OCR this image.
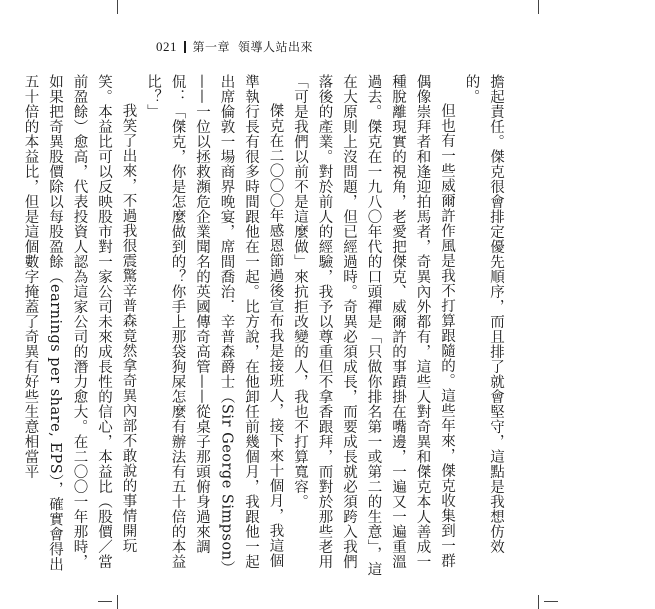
021 第一章 領導人站出來

擔起責任。傑克很會排定優先順序，而且排了就會堅守，這點是我想仿效的。

但也有一些威爾許作風是我不打算跟隨的。這些年來，傑克收集到一群偶像崇拜者和逢迎拍馬者，奇異內外都有，這些人對奇異和傑克本人善成一種脫離現實的視角，老愛把傑克、威爾許的事蹟掛在嘴邊，一遍又一遍重溫過去。傑克在一九八〇年代的口頭禪是「只做你排名第一或第二的生意」，這在大原則上沒問題，但已經過時。奇異必須成長，而要成長就必須跨入我們落後的產業。對於前人的經驗，我予以尊重但不拿香跟拜，而對於那些老用「可是我們以前不是這麼做」來抗拒改變的人，我也不打算寬容。

傑克在二〇〇〇年感恩節過後宣布我是接班人，接下來十個月，我這個準執行長有很多時間跟他在一起。比方說，在他卸任前幾個月，我跟他一起出席倫敦一場商界晚宴，席間喬治．辛普森爵士（Sir George Simpson）——一位以拯救瀕危企業聞名的英國傳奇高管——從桌子那頭俯身過來調侃：「傑克，你是怎麼做到的？你手上那袋狗屎怎麼有辦法有五十倍的本益比？」

我笑了出來，不過我很震驚辛普森竟然拿奇異內部不敢說的事情開玩笑。本益比可以反映股市對一家公司未來成長性的信心，本益比（股價／當前盈餘）愈高，代表投資人認為這家公司的潛力愈大。在二〇〇一年那時，如果把奇異股價除以每股盈餘（earnings per share, EPS），確實會得出五十倍的本益比，但是這個數字掩蓋了奇異有好些生意相當平
